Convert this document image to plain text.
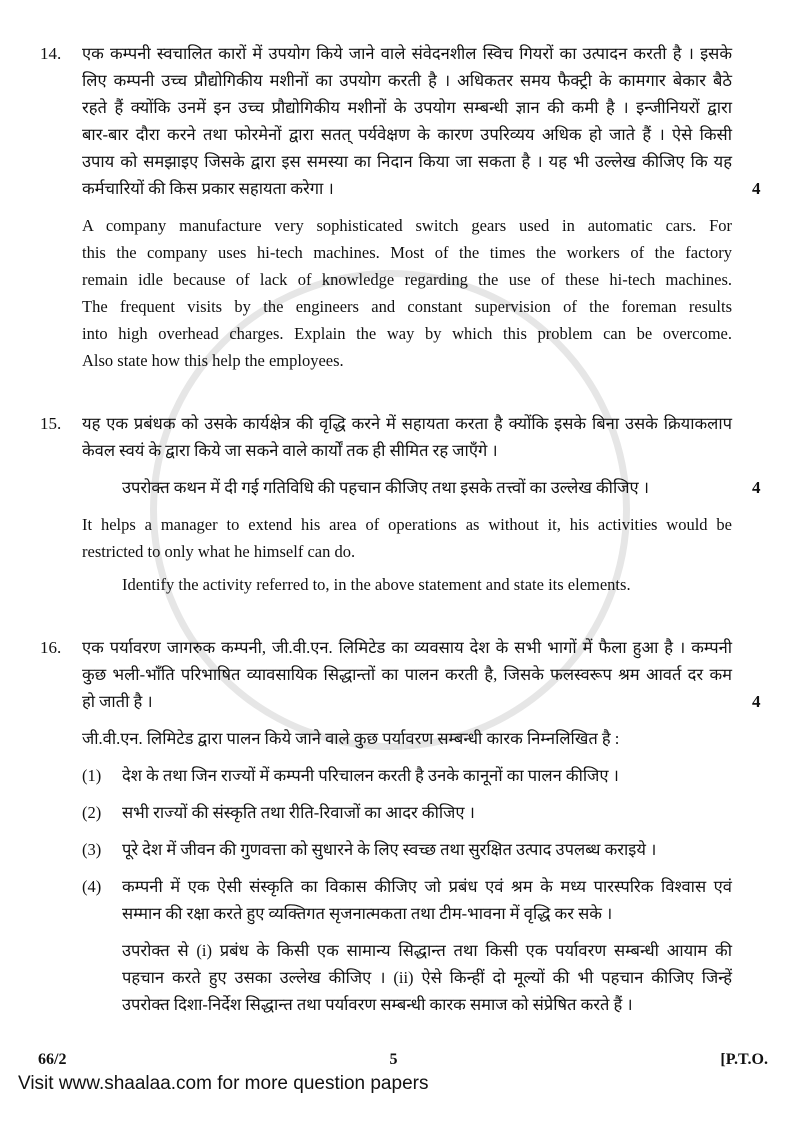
14.	एक कम्पनी स्वचालित कारों में उपयोग किये जाने वाले संवेदनशील स्विच गियरों का उत्पादन करती है । इसके
लिए कम्पनी उच्च प्रौद्योगिकीय मशीनों का उपयोग करती है । अधिकतर समय फैक्ट्री के कामगार बेकार बैठे
रहते हैं क्योंकि उनमें इन उच्च प्रौद्योगिकीय मशीनों के उपयोग सम्बन्धी ज्ञान की कमी है । इन्जीनियरों द्वारा
बार-बार दौरा करने तथा फोरमेनों द्वारा सतत् पर्यवेक्षण के कारण उपरिव्यय अधिक हो जाते हैं । ऐसे किसी
उपाय को समझाइए जिसके द्वारा इस समस्या का निदान किया जा सकता है । यह भी उल्लेख कीजिए कि यह
कर्मचारियों की किस प्रकार सहायता करेगा ।	4
A company manufacture very sophisticated switch gears used in automatic cars. For
this the company uses hi-tech machines. Most of the times the workers of the factory
remain idle because of lack of knowledge regarding the use of these hi-tech machines.
The frequent visits by the engineers and constant supervision of the foreman results
into high overhead charges. Explain the way by which this problem can be overcome.
Also state how this help the employees.
15.	यह एक प्रबंधक को उसके कार्यक्षेत्र की वृद्धि करने में सहायता करता है क्योंकि इसके बिना उसके क्रियाकलाप
केवल स्वयं के द्वारा किये जा सकने वाले कार्यों तक ही सीमित रह जाएँगे ।
उपरोक्त कथन में दी गई गतिविधि की पहचान कीजिए तथा इसके तत्त्वों का उल्लेख कीजिए ।	4
It helps a manager to extend his area of operations as without it, his activities would be
restricted to only what he himself can do.
Identify the activity referred to, in the above statement and state its elements.
16.	एक पर्यावरण जागरुक कम्पनी, जी.वी.एन. लिमिटेड का व्यवसाय देश के सभी भागों में फैला हुआ है । कम्पनी
कुछ भली-भाँति परिभाषित व्यावसायिक सिद्धान्तों का पालन करती है, जिसके फलस्वरूप श्रम आवर्त दर कम
हो जाती है ।	4
जी.वी.एन. लिमिटेड द्वारा पालन किये जाने वाले कुछ पर्यावरण सम्बन्धी कारक निम्नलिखित है :
(1)	देश के तथा जिन राज्यों में कम्पनी परिचालन करती है उनके कानूनों का पालन कीजिए ।
(2)	सभी राज्यों की संस्कृति तथा रीति-रिवाजों का आदर कीजिए ।
(3)	पूरे देश में जीवन की गुणवत्ता को सुधारने के लिए स्वच्छ तथा सुरक्षित उत्पाद उपलब्ध कराइये ।
(4)	कम्पनी में एक ऐसी संस्कृति का विकास कीजिए जो प्रबंध एवं श्रम के मध्य पारस्परिक विश्वास एवं
सम्मान की रक्षा करते हुए व्यक्तिगत सृजनात्मकता तथा टीम-भावना में वृद्धि कर सके ।
उपरोक्त से (i) प्रबंध के किसी एक सामान्य सिद्धान्त तथा किसी एक पर्यावरण सम्बन्धी आयाम की
पहचान करते हुए उसका उल्लेख कीजिए । (ii) ऐसे किन्हीं दो मूल्यों की भी पहचान कीजिए जिन्हें
उपरोक्त दिशा-निर्देश सिद्धान्त तथा पर्यावरण सम्बन्धी कारक समाज को संप्रेषित करते हैं ।
66/2	5	[P.T.O.
Visit www.shaalaa.com for more question papers
